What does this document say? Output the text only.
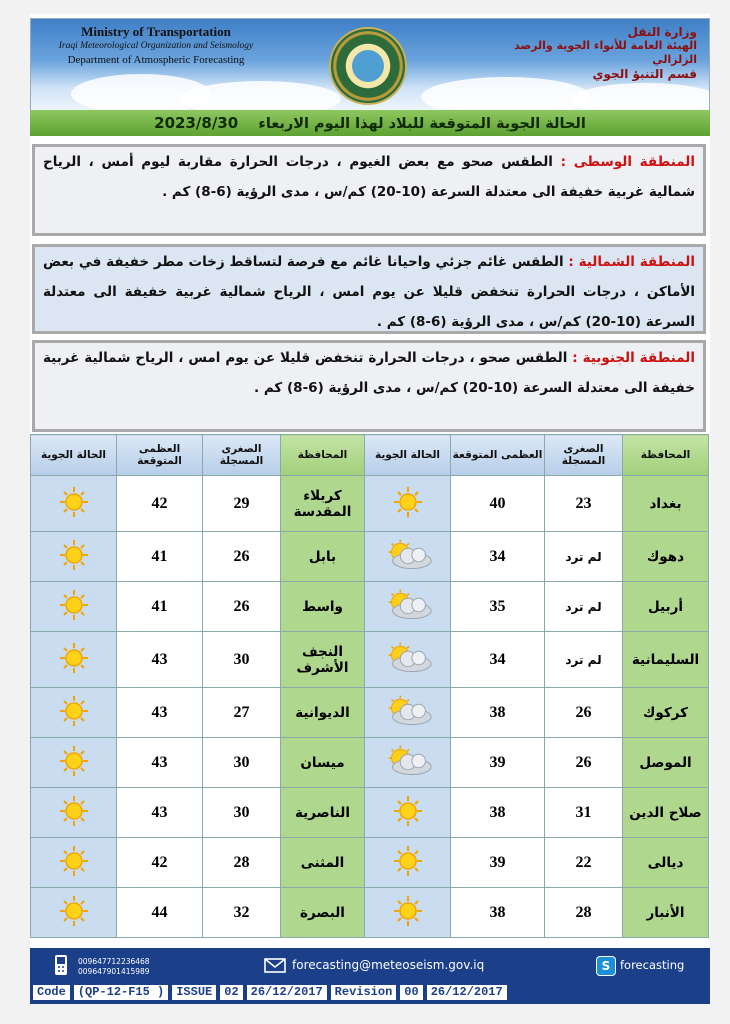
Ministry of Transportation
Iraqi Meteorological Organization and Seismology
Department of Atmospheric Forecasting
وزارة النقل
الهيئة العامة للأنواء الجوية والرصد الزلزالي
قسم التنبؤ الجوي
الحالة الجوية المتوقعة للبلاد لهذا اليوم الاربعاء    2023/8/30
المنطقة الوسطى : الطقس صحو مع بعض الغيوم ، درجات الحرارة مقاربة ليوم أمس ، الرياح شمالية غربية خفيفة الى معتدلة السرعة (10-20) كم/س ، مدى الرؤية (6-8) كم .
المنطقة الشمالية : الطقس غائم جزئي واحيانا غائم مع فرصة لتساقط زخات مطر خفيفة في بعض الأماكن ، درجات الحرارة تنخفض قليلا عن يوم امس ، الرياح شمالية غربية خفيفة الى معتدلة السرعة (10-20) كم/س ، مدى الرؤية (6-8) كم .
المنطقة الجنوبية : الطقس صحو ، درجات الحرارة تنخفض قليلا عن يوم امس ، الرياح شمالية غربية خفيفة الى معتدلة السرعة (10-20) كم/س ، مدى الرؤية (6-8) كم .
الحالة الجوية	العظمى المتوقعة	الصغرى المسجلة	المحافظة	الحالة الجوية	العظمى المتوقعة	الصغرى المسجلة	المحافظة
	42	29	كربلاء المقدسة		40	23	بغداد
	41	26	بابل		34	لم ترد	دهوك
	41	26	واسط		35	لم ترد	أربيل
	43	30	النجف الأشرف		34	لم ترد	السليمانية
	43	27	الديوانية		38	26	كركوك
	43	30	ميسان		39	26	الموصل
	43	30	الناصرية		38	31	صلاح الدين
	42	28	المثنى		39	22	ديالى
	44	32	البصرة		38	28	الأنبار
009647712236468
009647901415989	forecasting@meteoseism.gov.iq	S forecasting
Code	(QP-12-F15 )	ISSUE	02	26/12/2017	Revision	00	26/12/2017
